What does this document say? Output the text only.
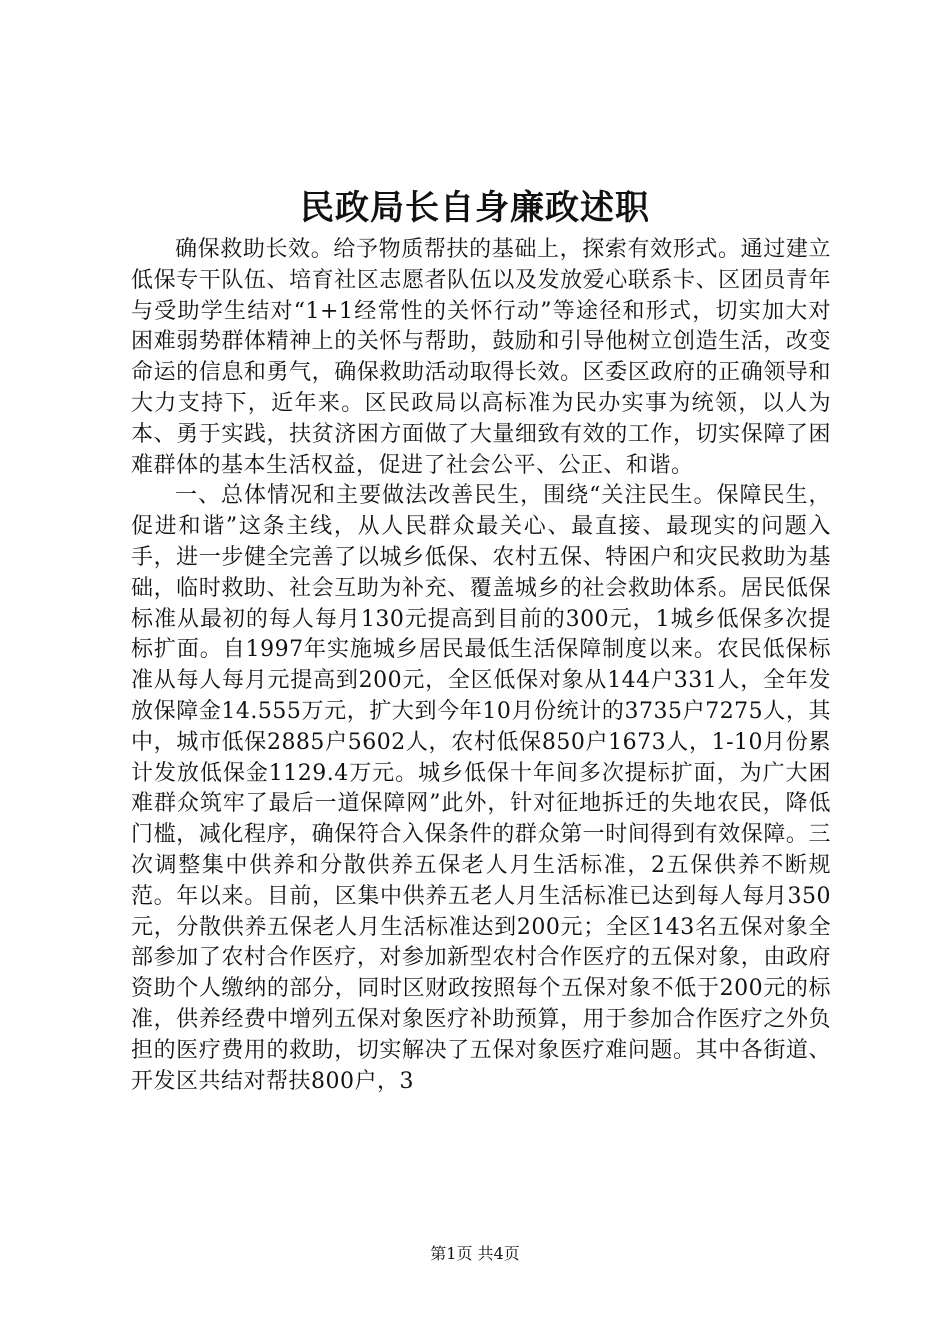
民政局长自身廉政述职

确保救助长效。给予物质帮扶的基础上，探索有效形式。通过建立低保专干队伍、培育社区志愿者队伍以及发放爱心联系卡、区团员青年与受助学生结对“1+1经常性的关怀行动”等途径和形式，切实加大对困难弱势群体精神上的关怀与帮助，鼓励和引导他树立创造生活，改变命运的信息和勇气，确保救助活动取得长效。区委区政府的正确领导和大力支持下，近年来。区民政局以高标准为民办实事为统领，以人为本、勇于实践，扶贫济困方面做了大量细致有效的工作，切实保障了困难群体的基本生活权益，促进了社会公平、公正、和谐。

一、总体情况和主要做法改善民生，围绕“关注民生。保障民生，促进和谐”这条主线，从人民群众最关心、最直接、最现实的问题入手，进一步健全完善了以城乡低保、农村五保、特困户和灾民救助为基础，临时救助、社会互助为补充、覆盖城乡的社会救助体系。居民低保标准从最初的每人每月130元提高到目前的300元，1城乡低保多次提标扩面。自1997年实施城乡居民最低生活保障制度以来。农民低保标准从每人每月元提高到200元，全区低保对象从144户331人，全年发放保障金14.555万元，扩大到今年10月份统计的3735户7275人，其中，城市低保2885户5602人，农村低保850户1673人，1-10月份累计发放低保金1129.4万元。城乡低保十年间多次提标扩面，为广大困难群众筑牢了最后一道保障网”此外，针对征地拆迁的失地农民，降低门槛，减化程序，确保符合入保条件的群众第一时间得到有效保障。三次调整集中供养和分散供养五保老人月生活标准，2五保供养不断规范。年以来。目前，区集中供养五老人月生活标准已达到每人每月350元，分散供养五保老人月生活标准达到200元；全区143名五保对象全部参加了农村合作医疗，对参加新型农村合作医疗的五保对象，由政府资助个人缴纳的部分，同时区财政按照每个五保对象不低于200元的标准，供养经费中增列五保对象医疗补助预算，用于参加合作医疗之外负担的医疗费用的救助，切实解决了五保对象医疗难问题。其中各街道、开发区共结对帮扶800户，3

第1页 共4页
